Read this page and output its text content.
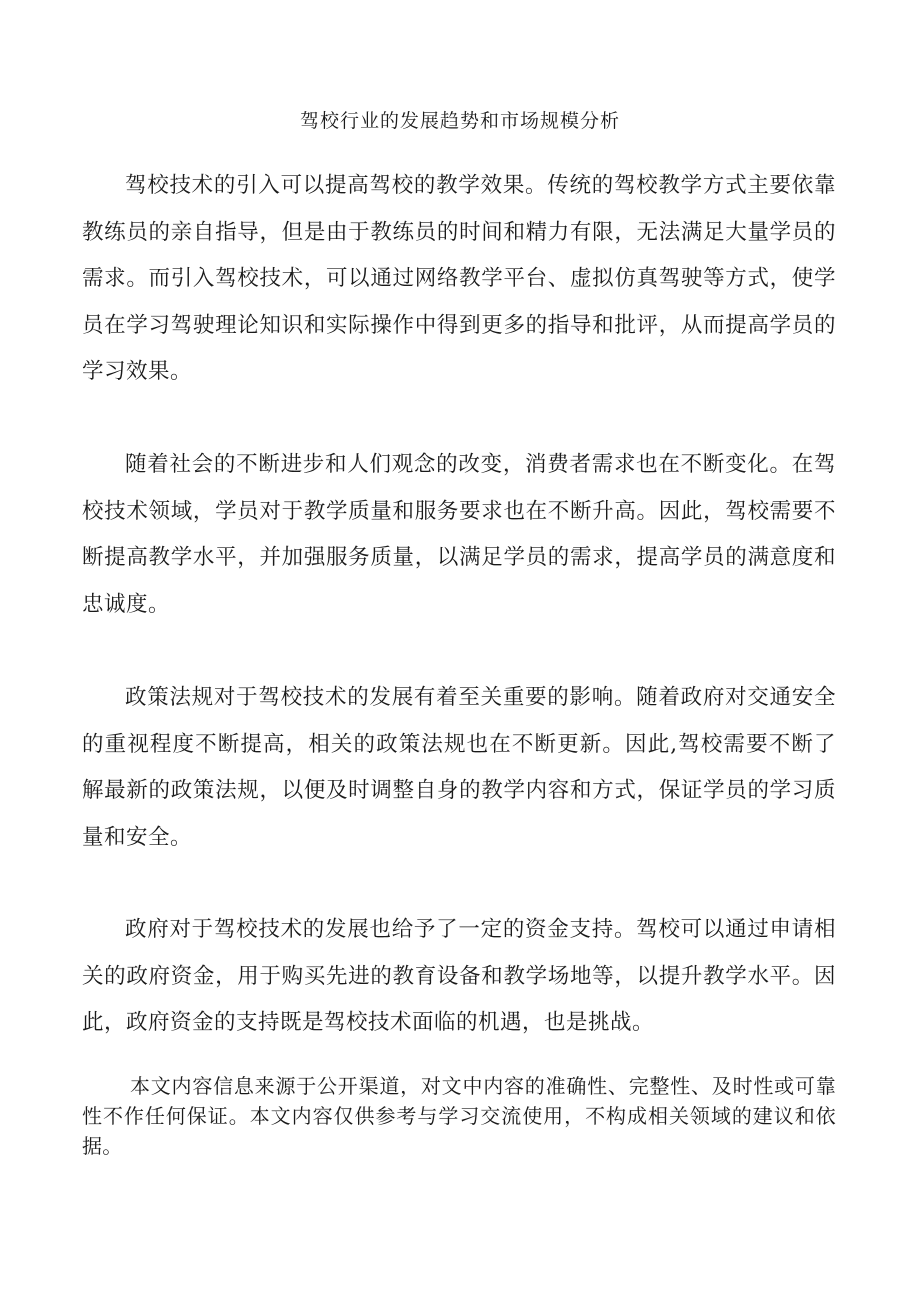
驾校行业的发展趋势和市场规模分析

驾校技术的引入可以提高驾校的教学效果。传统的驾校教学方式主要依靠教练员的亲自指导，但是由于教练员的时间和精力有限，无法满足大量学员的需求。而引入驾校技术，可以通过网络教学平台、虚拟仿真驾驶等方式，使学员在学习驾驶理论知识和实际操作中得到更多的指导和批评，从而提高学员的学习效果。

随着社会的不断进步和人们观念的改变，消费者需求也在不断变化。在驾校技术领域，学员对于教学质量和服务要求也在不断升高。因此，驾校需要不断提高教学水平，并加强服务质量，以满足学员的需求，提高学员的满意度和忠诚度。

政策法规对于驾校技术的发展有着至关重要的影响。随着政府对交通安全的重视程度不断提高，相关的政策法规也在不断更新。因此,驾校需要不断了解最新的政策法规，以便及时调整自身的教学内容和方式，保证学员的学习质量和安全。

政府对于驾校技术的发展也给予了一定的资金支持。驾校可以通过申请相关的政府资金，用于购买先进的教育设备和教学场地等，以提升教学水平。因此，政府资金的支持既是驾校技术面临的机遇，也是挑战。

本文内容信息来源于公开渠道，对文中内容的准确性、完整性、及时性或可靠性不作任何保证。本文内容仅供参考与学习交流使用，不构成相关领域的建议和依据。
